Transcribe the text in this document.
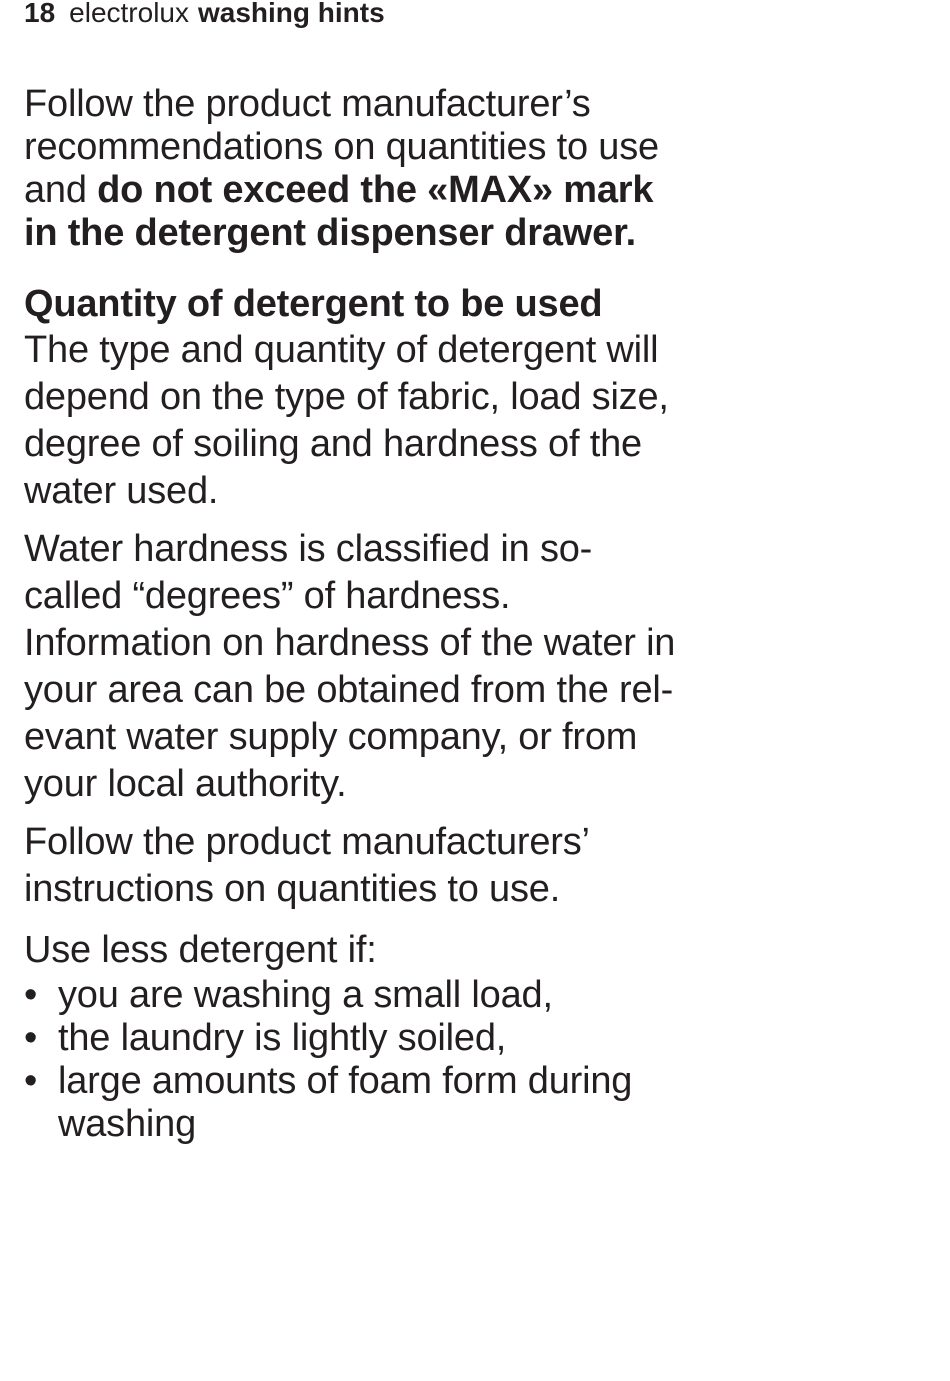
18 electrolux washing hints

Follow the product manufacturer’s
recommendations on quantities to use
and do not exceed the «MAX» mark
in the detergent dispenser drawer.

Quantity of detergent to be used
The type and quantity of detergent will
depend on the type of fabric, load size,
degree of soiling and hardness of the
water used.
Water hardness is classified in so-
called “degrees” of hardness.
Information on hardness of the water in
your area can be obtained from the rel-
evant water supply company, or from
your local authority.
Follow the product manufacturers’
instructions on quantities to use.
Use less detergent if:
• you are washing a small load,
• the laundry is lightly soiled,
• large amounts of foam form during
washing
